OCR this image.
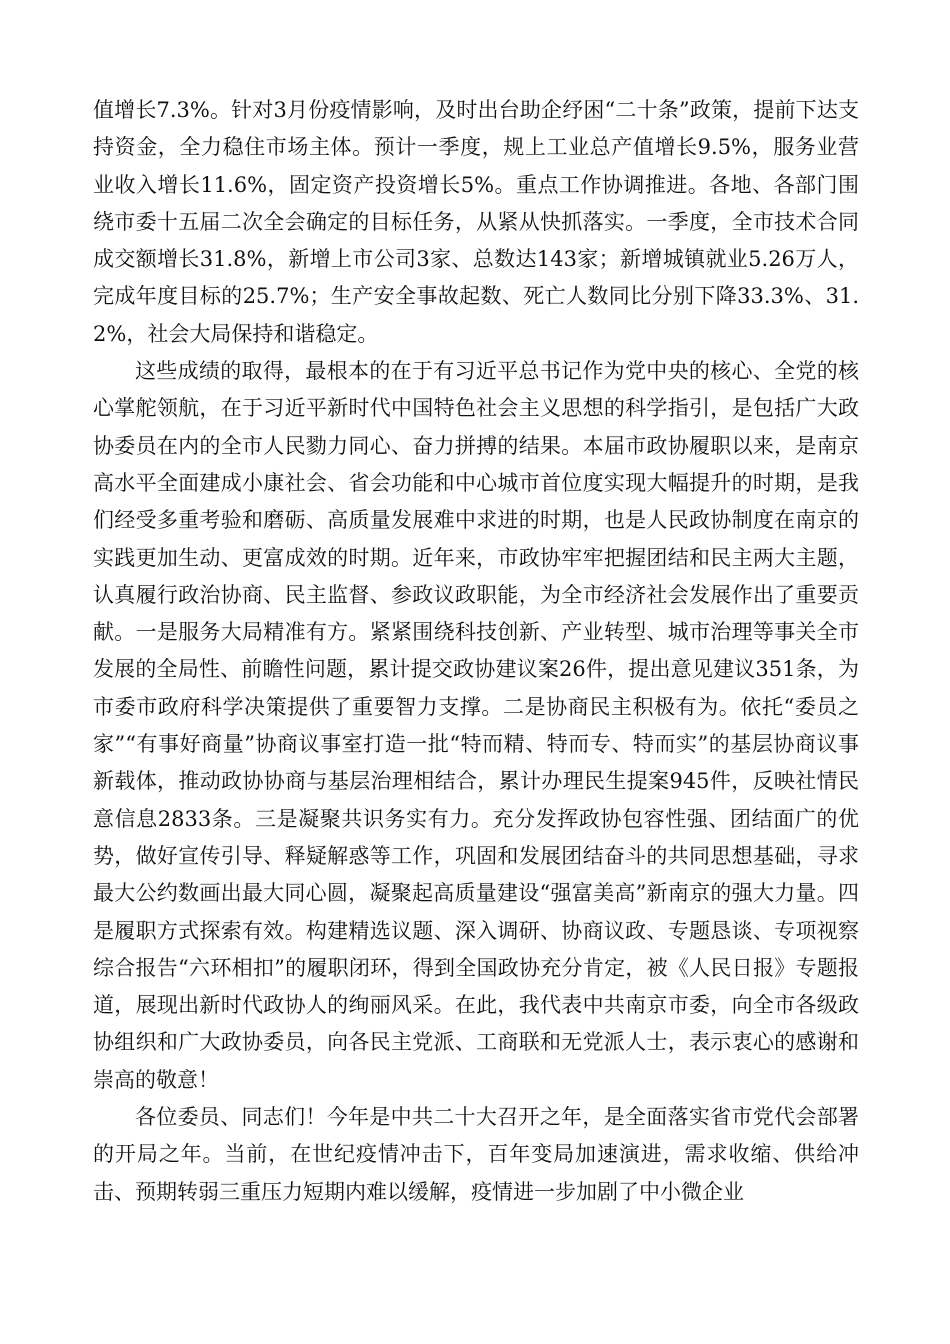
值增长7.3%。针对3月份疫情影响，及时出台助企纾困“二十条”政策，提前下达支持资金，全力稳住市场主体。预计一季度，规上工业总产值增长9.5%，服务业营业收入增长11.6%，固定资产投资增长5%。重点工作协调推进。各地、各部门围绕市委十五届二次全会确定的目标任务，从紧从快抓落实。一季度，全市技术合同成交额增长31.8%，新增上市公司3家、总数达143家；新增城镇就业5.26万人，完成年度目标的25.7%；生产安全事故起数、死亡人数同比分别下降33.3%、31.2%，社会大局保持和谐稳定。

这些成绩的取得，最根本的在于有习近平总书记作为党中央的核心、全党的核心掌舵领航，在于习近平新时代中国特色社会主义思想的科学指引，是包括广大政协委员在内的全市人民勠力同心、奋力拼搏的结果。本届市政协履职以来，是南京高水平全面建成小康社会、省会功能和中心城市首位度实现大幅提升的时期，是我们经受多重考验和磨砺、高质量发展难中求进的时期，也是人民政协制度在南京的实践更加生动、更富成效的时期。近年来，市政协牢牢把握团结和民主两大主题，认真履行政治协商、民主监督、参政议政职能，为全市经济社会发展作出了重要贡献。一是服务大局精准有方。紧紧围绕科技创新、产业转型、城市治理等事关全市发展的全局性、前瞻性问题，累计提交政协建议案26件，提出意见建议351条，为市委市政府科学决策提供了重要智力支撑。二是协商民主积极有为。依托“委员之家”“有事好商量”协商议事室打造一批“特而精、特而专、特而实”的基层协商议事新载体，推动政协协商与基层治理相结合，累计办理民生提案945件，反映社情民意信息2833条。三是凝聚共识务实有力。充分发挥政协包容性强、团结面广的优势，做好宣传引导、释疑解惑等工作，巩固和发展团结奋斗的共同思想基础，寻求最大公约数画出最大同心圆，凝聚起高质量建设“强富美高”新南京的强大力量。四是履职方式探索有效。构建精选议题、深入调研、协商议政、专题恳谈、专项视察综合报告“六环相扣”的履职闭环，得到全国政协充分肯定，被《人民日报》专题报道，展现出新时代政协人的绚丽风采。在此，我代表中共南京市委，向全市各级政协组织和广大政协委员，向各民主党派、工商联和无党派人士，表示衷心的感谢和崇高的敬意！

各位委员、同志们！今年是中共二十大召开之年，是全面落实省市党代会部署的开局之年。当前，在世纪疫情冲击下，百年变局加速演进，需求收缩、供给冲击、预期转弱三重压力短期内难以缓解，疫情进一步加剧了中小微企业
